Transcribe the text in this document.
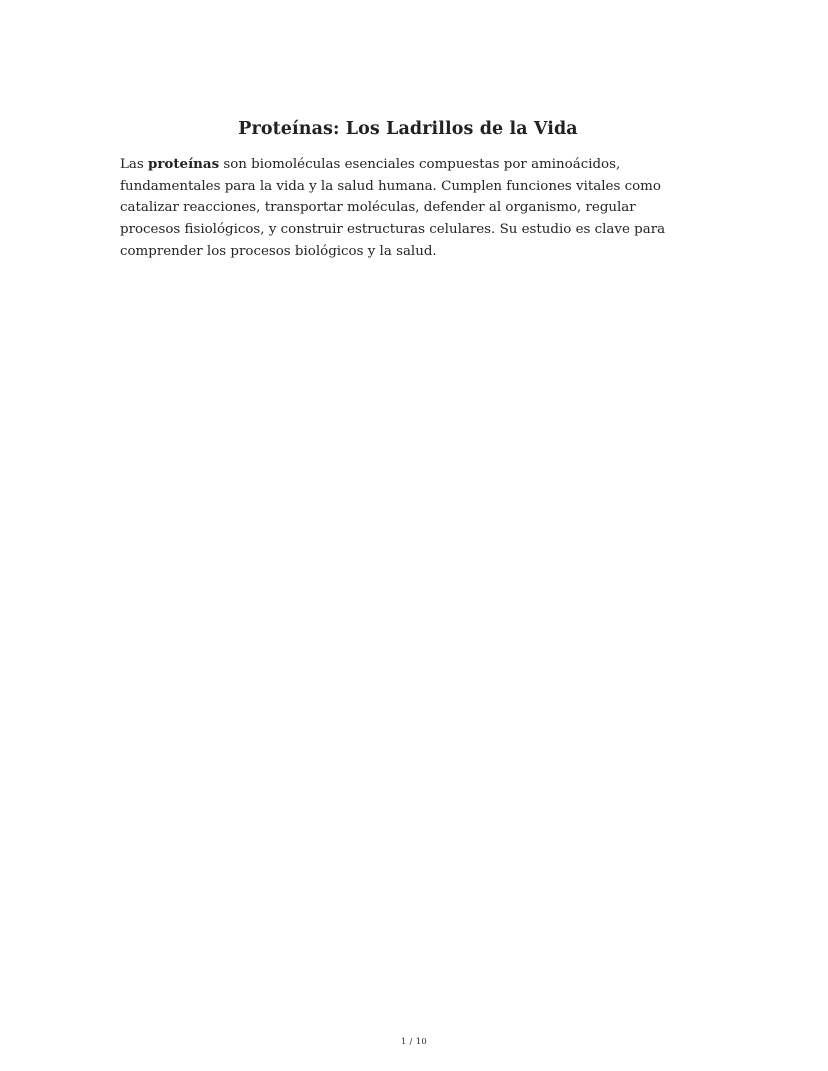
Proteínas: Los Ladrillos de la Vida

Las proteínas son biomoléculas esenciales compuestas por aminoácidos, fundamentales para la vida y la salud humana. Cumplen funciones vitales como catalizar reacciones, transportar moléculas, defender al organismo, regular procesos fisiológicos, y construir estructuras celulares. Su estudio es clave para comprender los procesos biológicos y la salud.

1 / 10
